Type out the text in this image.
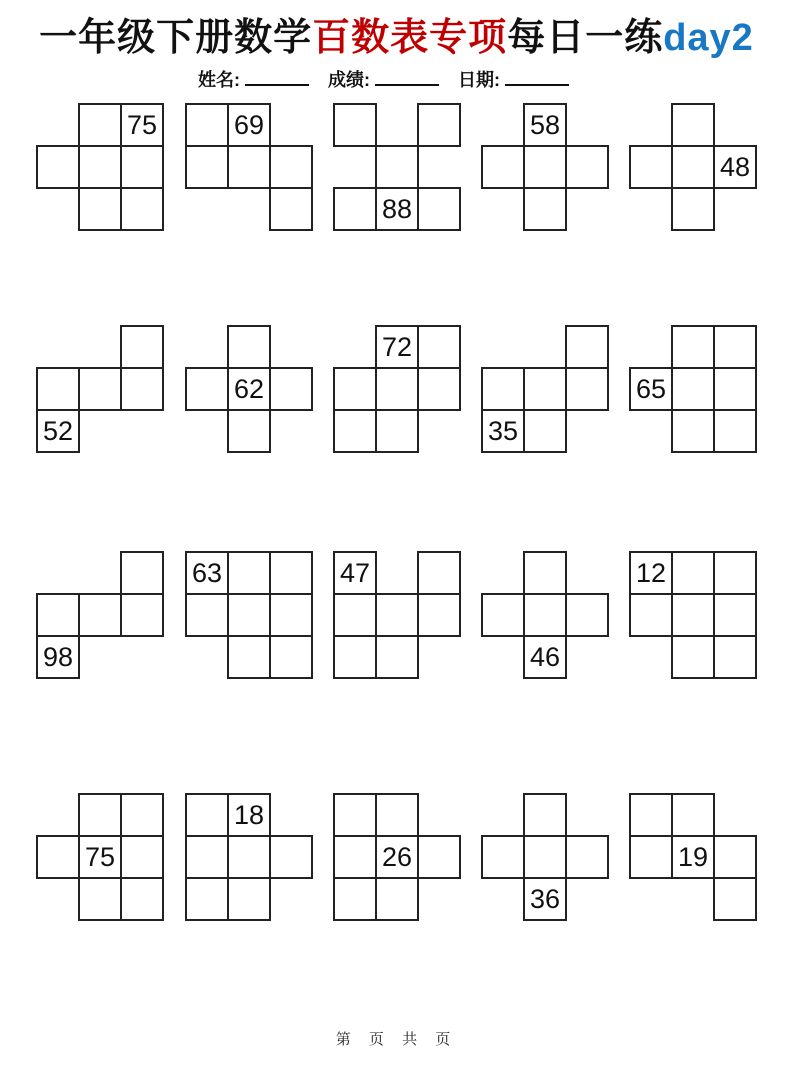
一年级下册数学百数表专项每日一练day2
姓名:	成绩:	日期:
75	69
88
58
48
52
62
72
35
65
98
63	47
46
12
75
18
26
36
19
第 页 共 页
